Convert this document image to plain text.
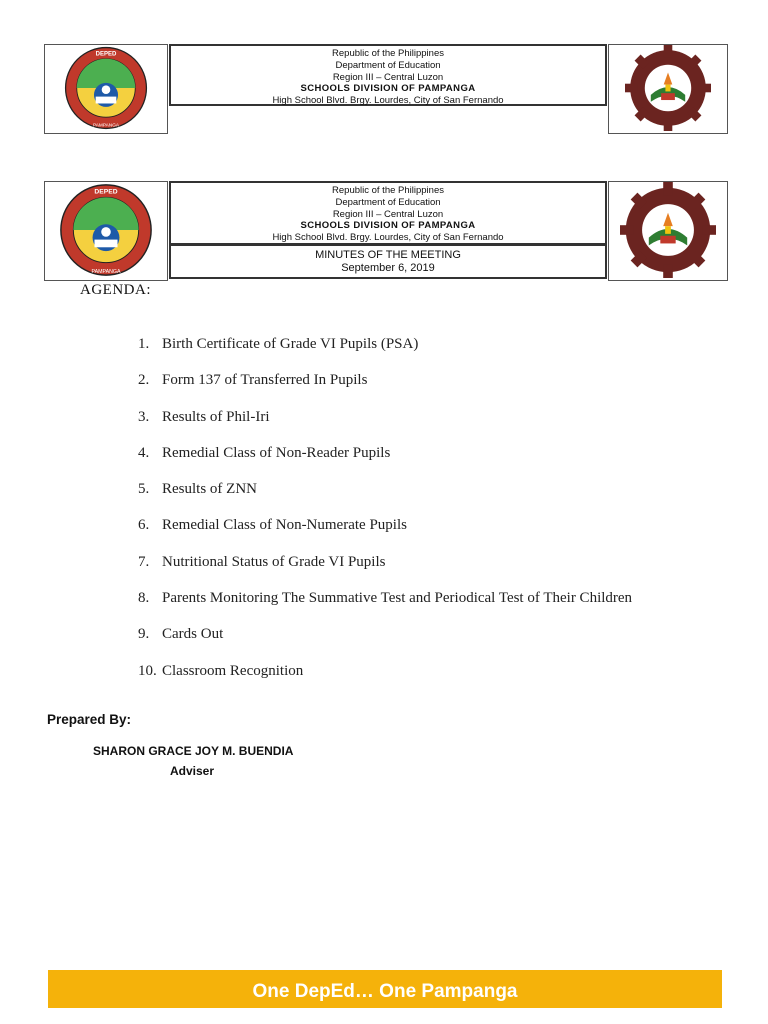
DEPED
PAMPANGA
Republic of the Philippines
Department of Education
Region III – Central Luzon
SCHOOLS DIVISION OF PAMPANGA
High School Blvd. Brgy. Lourdes, City of San Fernando
DEPED
PAMPANGA
Republic of the Philippines
Department of Education
Region III – Central Luzon
SCHOOLS DIVISION OF PAMPANGA
High School Blvd. Brgy. Lourdes, City of San Fernando
MINUTES OF THE MEETING
September 6, 2019
AGENDA:
1. Birth Certificate of Grade VI Pupils (PSA)
2. Form 137 of Transferred In Pupils
3. Results of Phil-Iri
4. Remedial Class of Non-Reader Pupils
5. Results of ZNN
6. Remedial Class of Non-Numerate Pupils
7. Nutritional Status of Grade VI Pupils
8. Parents Monitoring The Summative Test and Periodical Test of Their Children
9. Cards Out
10. Classroom Recognition
Prepared By:
SHARON GRACE JOY M. BUENDIA
Adviser
One DepEd… One Pampanga
